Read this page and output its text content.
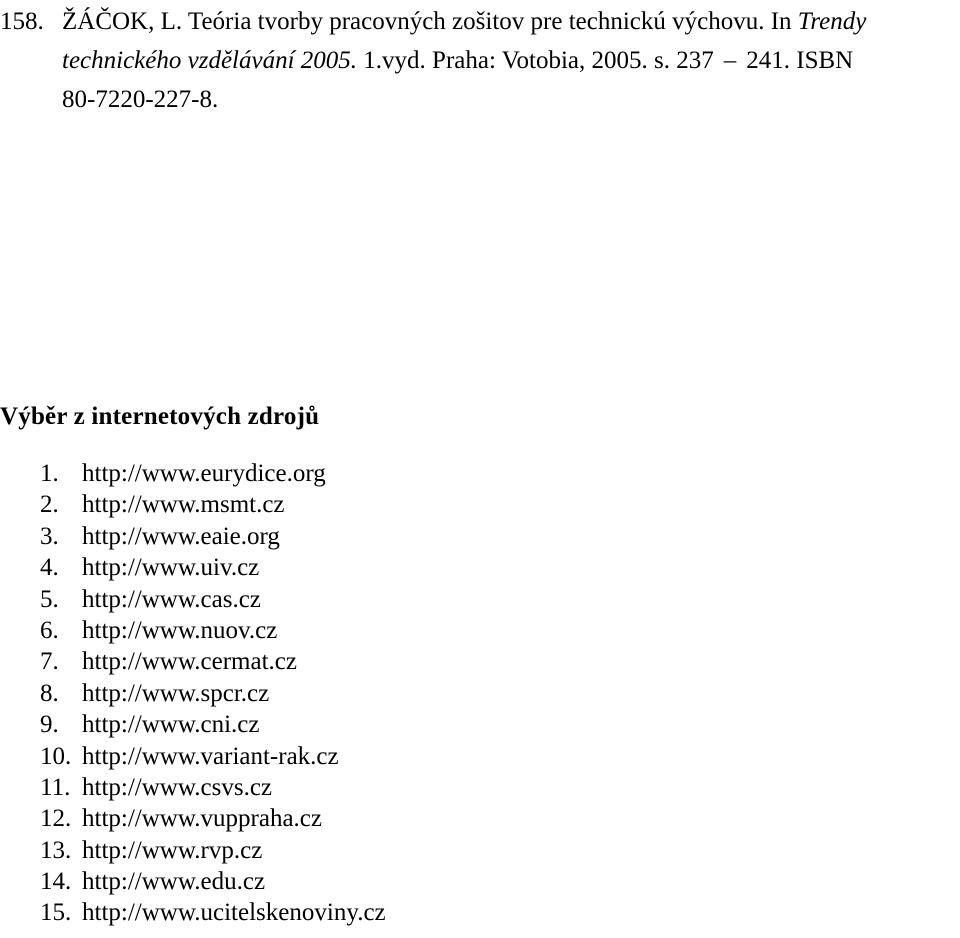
158. ŽÁČOK, L. Teória tvorby pracovných zošitov pre technickú výchovu. In Trendy
technického vzdělávání 2005. 1.vyd. Praha: Votobia, 2005. s. 237 – 241. ISBN
80-7220-227-8.
Výběr z internetových zdrojů
1. http://www.eurydice.org
2. http://www.msmt.cz
3. http://www.eaie.org
4. http://www.uiv.cz
5. http://www.cas.cz
6. http://www.nuov.cz
7. http://www.cermat.cz
8. http://www.spcr.cz
9. http://www.cni.cz
10. http://www.variant-rak.cz
11. http://www.csvs.cz
12. http://www.vuppraha.cz
13. http://www.rvp.cz
14. http://www.edu.cz
15. http://www.ucitelskenoviny.cz
